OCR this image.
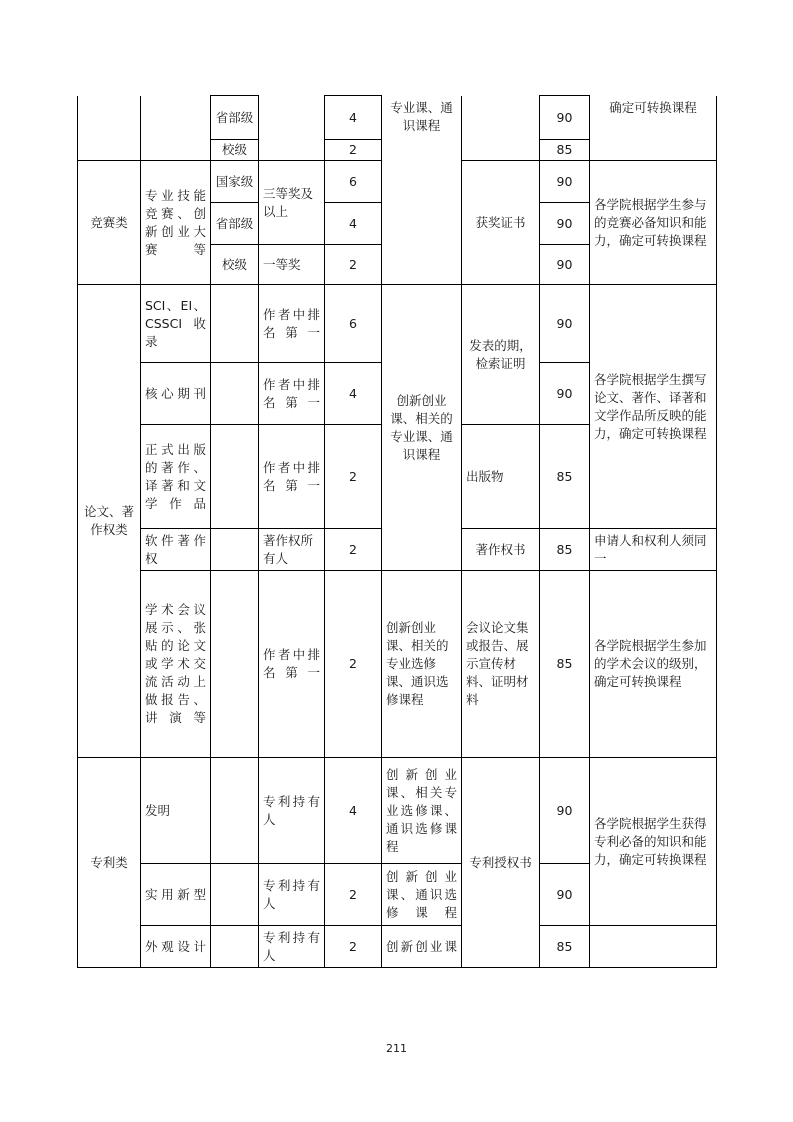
		省部级		4	专业课、通识课程		90	确定可转换课程
		校级		2			85	
竞赛类	专业技能竞赛、创新创业大赛等	国家级	三等奖及以上	6		获奖证书	90	各学院根据学生参与的竞赛必备知识和能力，确定可转换课程
		省部级		4			90	
		校级	一等奖	2			90	
论文、著作权类	SCI、EI、CSSCI收录		作者中排名第一	6	创新创业课、相关的专业课、通识课程	发表的期，检索证明	90	各学院根据学生撰写论文、著作、译著和文学作品所反映的能力，确定可转换课程
	核心期刊		作者中排名第一	4			90	
	正式出版的著作、译著和文学作品		作者中排名第一	2		出版物	85	
	软件著作权		著作权所有人	2		著作权书	85	申请人和权利人须同一
	学术会议展示、张贴的论文或学术交流活动上做报告、讲演等		作者中排名第一	2	创新创业课、相关的专业选修课、通识选修课程	会议论文集或报告、展示宣传材料、证明材料	85	各学院根据学生参加的学术会议的级别，确定可转换课程
专利类	发明		专利持有人	4	创新创业课、相关专业选修课、通识选修课程	专利授权书	90	各学院根据学生获得专利必备的知识和能力，确定可转换课程
	实用新型		专利持有人	2	创新创业课、通识选修课程		90	
	外观设计		专利持有人	2	创新创业课		85	
211
